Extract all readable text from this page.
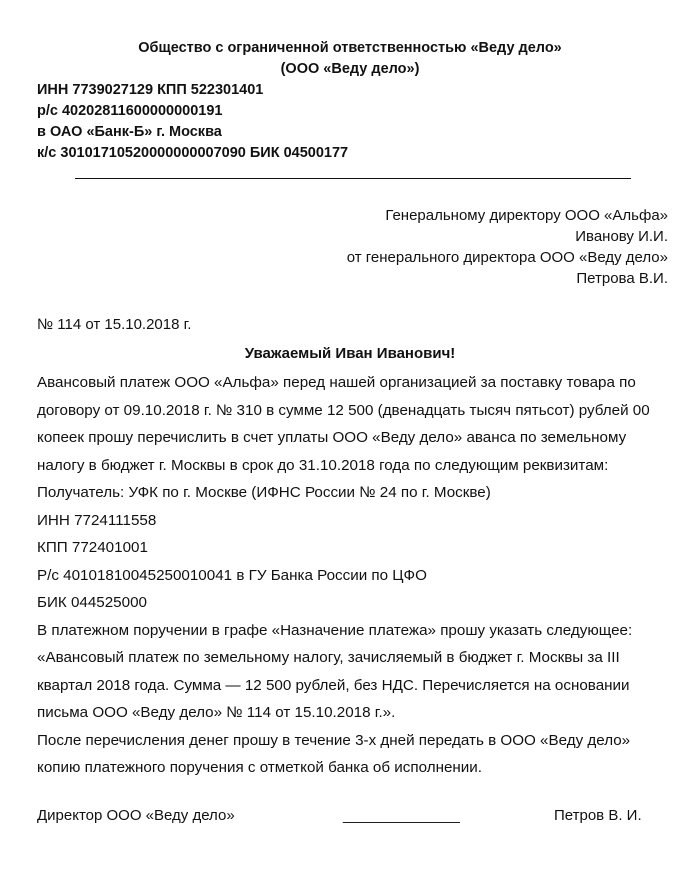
Общество с ограниченной ответственностью «Веду дело»
(ООО «Веду дело»)
ИНН 7739027129 КПП 522301401
р/с 40202811600000000191
в ОАО «Банк-Б» г. Москва
к/с 30101710520000000007090 БИК 04500177
Генеральному директору ООО «Альфа»
Иванову И.И.
от генерального директора ООО «Веду дело»
Петрова В.И.
№ 114 от 15.10.2018 г.
Уважаемый Иван Иванович!
Авансовый платеж ООО «Альфа» перед нашей организацией за поставку товара по
договору от 09.10.2018 г. № 310 в сумме 12 500 (двенадцать тысяч пятьсот) рублей 00
копеек прошу перечислить в счет уплаты ООО «Веду дело» аванса по земельному
налогу в бюджет г. Москвы в срок до 31.10.2018 года по следующим реквизитам:
Получатель: УФК по г. Москве (ИФНС России № 24 по г. Москве)
ИНН 7724111558
КПП 772401001
Р/с 40101810045250010041 в ГУ Банка России по ЦФО
БИК 044525000
В платежном поручении в графе «Назначение платежа» прошу указать следующее:
«Авансовый платеж по земельному налогу, зачисляемый в бюджет г. Москвы за III
квартал 2018 года. Сумма — 12 500 рублей, без НДС. Перечисляется на основании
письма ООО «Веду дело» № 114 от 15.10.2018 г.».
После перечисления денег прошу в течение 3-х дней передать в ООО «Веду дело»
копию платежного поручения с отметкой банка об исполнении.
Директор ООО «Веду дело»	______________	Петров В. И.
